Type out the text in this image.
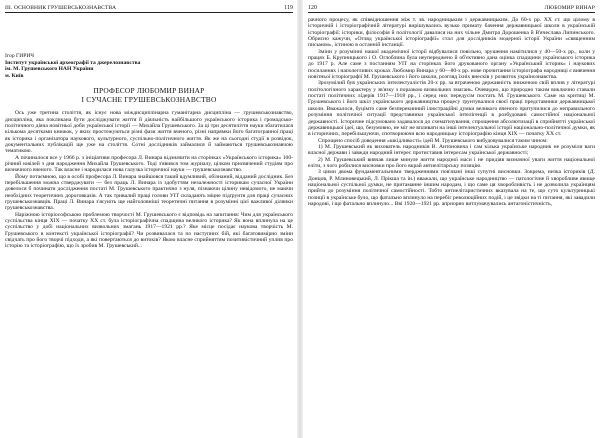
III. ОСНОВНИК ГРУШЕВСЬКОЗНАВСТВА	119
Ігор ГИРИЧ
Інститут української археографії та джерелознавства
ім. М. Грушевського НАН України
м. Київ
ПРОФЕСОР ЛЮБОМИР ВИНАР
І СУЧАСНЕ ГРУШЕВСЬКОЗНАВСТВО

Ось уже третина століття, як існує нова міждисциплінарна гуманітарна дисципліна — грушевськознавство, дисципліна, яка покликана бути досліджувати життя й діяльність найбільшого українського історика і громадсько-політичного діяча новітньої доби української історії — Михайла Грушевського. За ці три десятиліття науки збагатилася кількома десятками книжок, у яких простежуються різні фази життя вченого, різні напрямки його багатогранної праці як історика і організатора наукового, культурного, суспільно-політичного життя. Як же на сьогодні студії в розвідок, документальних публікацій ще уже на століття. Сотні дослідників займалися й займаються грушевськознавчою тематикою.

А починалося все у 1966 р. з ініціативи професора Л. Винара відзначити на сторінках «Українського історика» 100-річний ювілей з дня народження Михайла Грушевського. Тоді з'явився том журналу, цілком присвячений студіям про визначного вченого. Так власне і народилася нова галузка історичної науки — грушевськознавство.

Йому потаємною, що в особі професора Л. Винара знайшовся такий вдумливий, обізнаний, відданий дослідник. Без перебільшення можна стверджувати — без праць Л. Винара із здобуттям незалежності історикам сучасної України довелося б починати дослідження постаті М. Грушевського практично з нуля, пізнаючи цілину невідомого, не маючи необхідних теоретичних дороговказів. А так тривалий праці голови УІТ складають міцне підґрунтя для праці сучасних грушевськознавців. Праці Л. Винара з'ясують ще найголовніші теоретичні питання в розумінні цієї важливої ділянки грушевськознавства.

Наріжною історіософською проблемою творчості М. Грушевського є відповідь на запитання: Чим для українського суспільства кінця XIX — початку XX ст. була історіографічна спадщина великого історика? Як вона вплинула на це суспільство у добі національних визвольних змагань 1917—1921 рр.? Яке місце посідає наукова творчість М. Грушевського в контексті української історіографії? Чи розвивалася та по наступних бій, які багатовимірно зміни свідчать про його творчі підходи, а які повертаються до витоків? Якою власне сприйняттям позитивістичний уплив про історію та історіографію, що їх зробив М. Грушевський...

120	ЛЮБОМИР ВИНАР

рачного процесу, як співвідношення між т. зв. народницьким і державницьким. До 60-х рр. XX ст. що цілому в історичній і історіографічній літературі вирішувались вузько примату бачення державницької школи в українській історіографії: історики, філософія й політології давалися на них чільне Дмитра Дорошенка й В'ячеслава Липинського. Обрисно кажучи, «Огляд української історіографії» стал для дослідників модерної історії України «священним письмом», істиною в останній інстанції.

Зміни у розумінні нашої академічної історії відбувалися повільно, зрушення намітилися у 40—50-х рр., коли у працях Б. Крупницького і О. Оглоблина була неупереджено й об'єктивно дана оцінка спадщини українського історика до 1917 р. Але саме з постанням УІТ на сторінках його друкованого органу «Український історик» і наукових посиланнях і наполегливих кроках Любомир Винара у 60—80-х рр. нове прочитання історіографа народниці є вивчення новітньої історіографії М. Грушевського і його школи, розгляд їхніх внесків у розвиток українознавства.

Зрозумілий був українських інтелектуалістів 20-х рр. за втраченою державність зниженою свій вплив у літературі політологічного характеру у зв'язку з поразкою визвольних змагань. Очевидно, що природно таким виключно ставали постаті політичних лідерів 1917—1918 рр., і серед них передусім постать М. Грушевського. Саме на критиці М. Грушевського і його шкіл українського державництва процесу ґрунтувалися своєї праці представники державницької школи. Вважалося, буцімто саме безперекинний ілюстраційні думки великого вченого притупилися до неправильного розуміння політичної ситуації представники української інтелігенції в розбудовані самостійної національної державності. Історичне підсумовано задавалося до схематизування, спрощення абсолютизації в сприйнятті української державницької ідеї, що, безумовно, не міг не впливати на інші інтелектуальної історії національно-політичної думки, як в історичних, перебільшуючи, спотворюючи всю народницьку історіографію кінця XIX — початку XX ст.

Спрощено спосіб доведення «шкідливості» ідей М. Грушевського вибудовувалися таким чином:

1) М. Грушевський як вихователь народників В. Антоновича і сам кілька українське народник не розуміли ваги власної держави і завжди народний інтерес протиставив інтересам української державності;

2) М. Грушевський вивчав лише минуле життя народної маси і не придіяв визначної уваги життя національної еліти, з чого робилися висновки про його вкрай антиелітарську позицію.

З цими двома фундаментальними твердженнями пов'язані інші супутні висновки. Зокрема, низка істориків (Д. Донцов, Р. Млиновецький, Л. Прікша та ін.) вважали, що українське народництво — патологічне й хворобливе явище національної суспільної думки, не притаманне іншим народам, і що саме ця хворобливість і не дозволила українцям прийти до розуміння політичної самостійності. Тобто антиелітаристичних вказувала на те, що суто культурницькі позиції в українське було, що фатально вплинуло на перебіг революційних подій, і це звідки на ті питання, які завадили народові, і що фатально вплинуло... Вві 1920—1921 рр. априорно витлумачувались антагоністичність,
